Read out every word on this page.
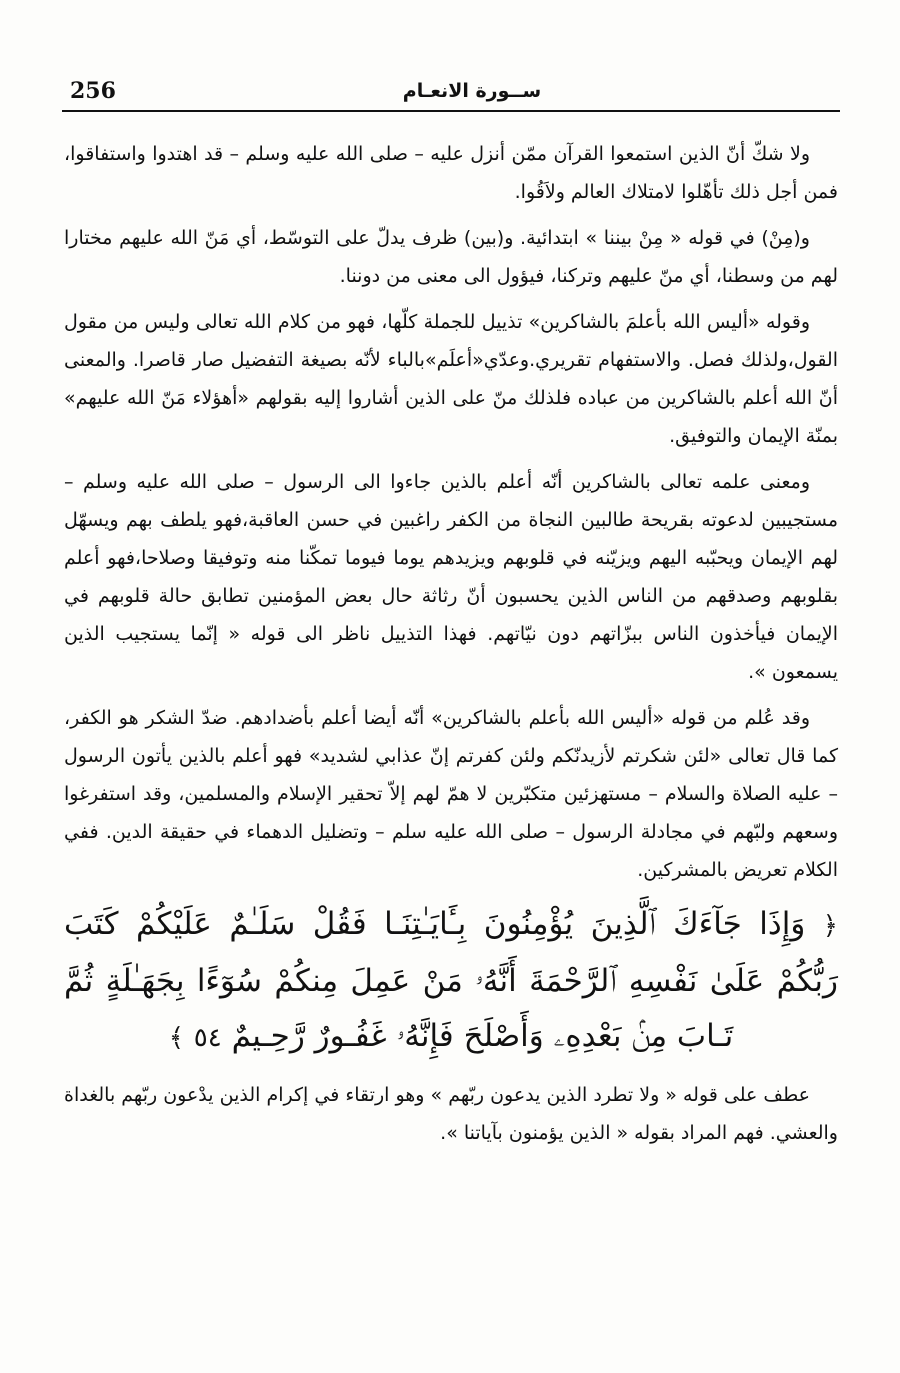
256	ســورة الانعـام

ولا شكّ أنّ الذين استمعوا القرآن ممّن أنزل عليه – صلى الله عليه وسلم – قد اهتدوا واستفاقوا، فمن أجل ذلك تأهّلوا لامتلاك العالم ولاَقُوا.

و(مِنْ) في قوله « مِنْ بيننا » ابتدائية. و(بين) ظرف يدلّ على التوسّط، أي مَنّ الله عليهم مختارا لهم من وسطنا، أي منّ عليهم وتركنا، فيؤول الى معنى من دوننا.

وقوله «أليس الله بأعلمَ بالشاكرين» تذييل للجملة كلّها، فهو من كلام الله تعالى وليس من مقول القول،ولذلك فصل. والاستفهام تقريري.وعدّي«أعلَم»بالباء لأنّه بصيغة التفضيل صار قاصرا. والمعنى أنّ الله أعلم بالشاكرين من عباده فلذلك منّ على الذين أشاروا إليه بقولهم «أهؤلاء مَنّ الله عليهم» بمنّة الإيمان والتوفيق.

ومعنى علمه تعالى بالشاكرين أنّه أعلم بالذين جاءوا الى الرسول – صلى الله عليه وسلم – مستجيبين لدعوته بقريحة طالبين النجاة من الكفر راغبين في حسن العاقبة،فهو يلطف بهم ويسهّل لهم الإيمان ويحبّبه اليهم ويزيّنه في قلوبهم ويزيدهم يوما فيوما تمكّنا منه وتوفيقا وصلاحا،فهو أعلم بقلوبهم وصدقهم من الناس الذين يحسبون أنّ رثاثة حال بعض المؤمنين تطابق حالة قلوبهم في الإيمان فيأخذون الناس ببزّاتهم دون نيّاتهم. فهذا التذييل ناظر الى قوله « إنّما يستجيب الذين يسمعون ».

وقد عُلم من قوله «أليس الله بأعلم بالشاكرين» أنّه أيضا أعلم بأضدادهم. ضدّ الشكر هو الكفر، كما قال تعالى «لئن شكرتم لأزيدنّكم ولئن كفرتم إنّ عذابي لشديد» فهو أعلم بالذين يأتون الرسول – عليه الصلاة والسلام – مستهزئين متكبّرين لا همّ لهم إلاّ تحقير الإسلام والمسلمين، وقد استفرغوا وسعهم ولبّهم في مجادلة الرسول – صلى الله عليه سلم – وتضليل الدهماء في حقيقة الدين. ففي الكلام تعريض بالمشركين.

﴿ وَإِذَا جَآءَكَ ٱلَّذِينَ يُؤْمِنُونَ بِـَٔايَـٰتِنَـا فَقُلْ سَلَـٰمٌ عَلَيْكُمْ كَتَبَ رَبُّكُمْ عَلَىٰ نَفْسِهِ ٱلرَّحْمَةَ أَنَّهُۥ مَنْ عَمِلَ مِنكُمْ سُوٓءًا بِجَهَـٰلَةٍ ثُمَّ تَـابَ مِنۢ بَعْدِهِۦ وَأَصْلَحَ فَإِنَّهُۥ غَفُـورٌ رَّحِـيمٌ ٥٤ ﴾

عطف على قوله « ولا تطرد الذين يدعون ربّهم » وهو ارتقاء في إكرام الذين يدْعون ربّهم بالغداة والعشي. فهم المراد بقوله « الذين يؤمنون بآياتنا ».
